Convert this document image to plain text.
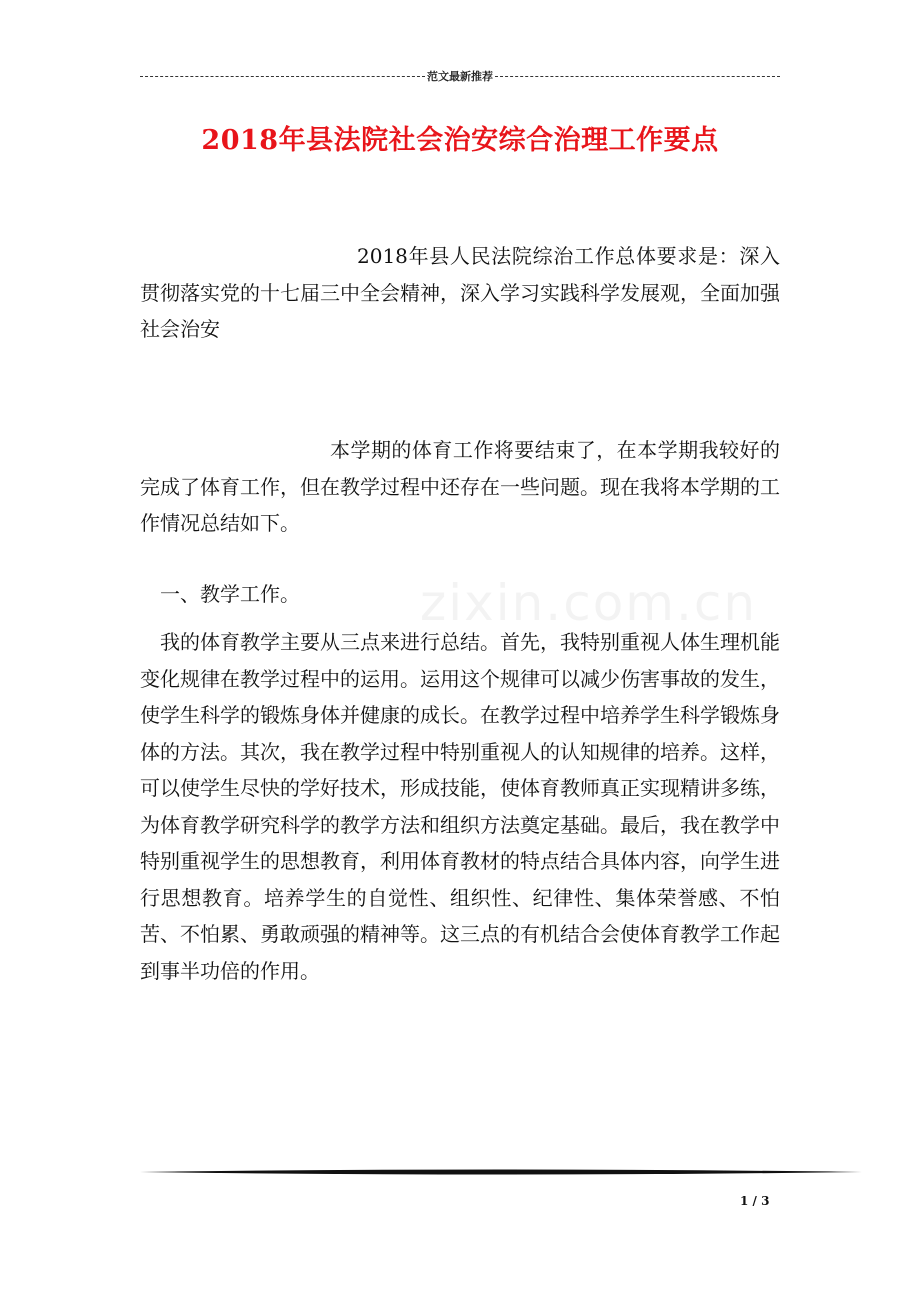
范文最新推荐
2018年县法院社会治安综合治理工作要点
2018年县人民法院综治工作总体要求是：深入贯彻落实党的十七届三中全会精神，深入学习实践科学发展观，全面加强社会治安
本学期的体育工作将要结束了，在本学期我较好的完成了体育工作，但在教学过程中还存在一些问题。现在我将本学期的工作情况总结如下。
一、教学工作。
我的体育教学主要从三点来进行总结。首先，我特别重视人体生理机能变化规律在教学过程中的运用。运用这个规律可以减少伤害事故的发生，使学生科学的锻炼身体并健康的成长。在教学过程中培养学生科学锻炼身体的方法。其次，我在教学过程中特别重视人的认知规律的培养。这样，可以使学生尽快的学好技术，形成技能，使体育教师真正实现精讲多练，为体育教学研究科学的教学方法和组织方法奠定基础。最后，我在教学中特别重视学生的思想教育，利用体育教材的特点结合具体内容，向学生进行思想教育。培养学生的自觉性、组织性、纪律性、集体荣誉感、不怕苦、不怕累、勇敢顽强的精神等。这三点的有机结合会使体育教学工作起到事半功倍的作用。
zixin.com.cn
1 / 3
